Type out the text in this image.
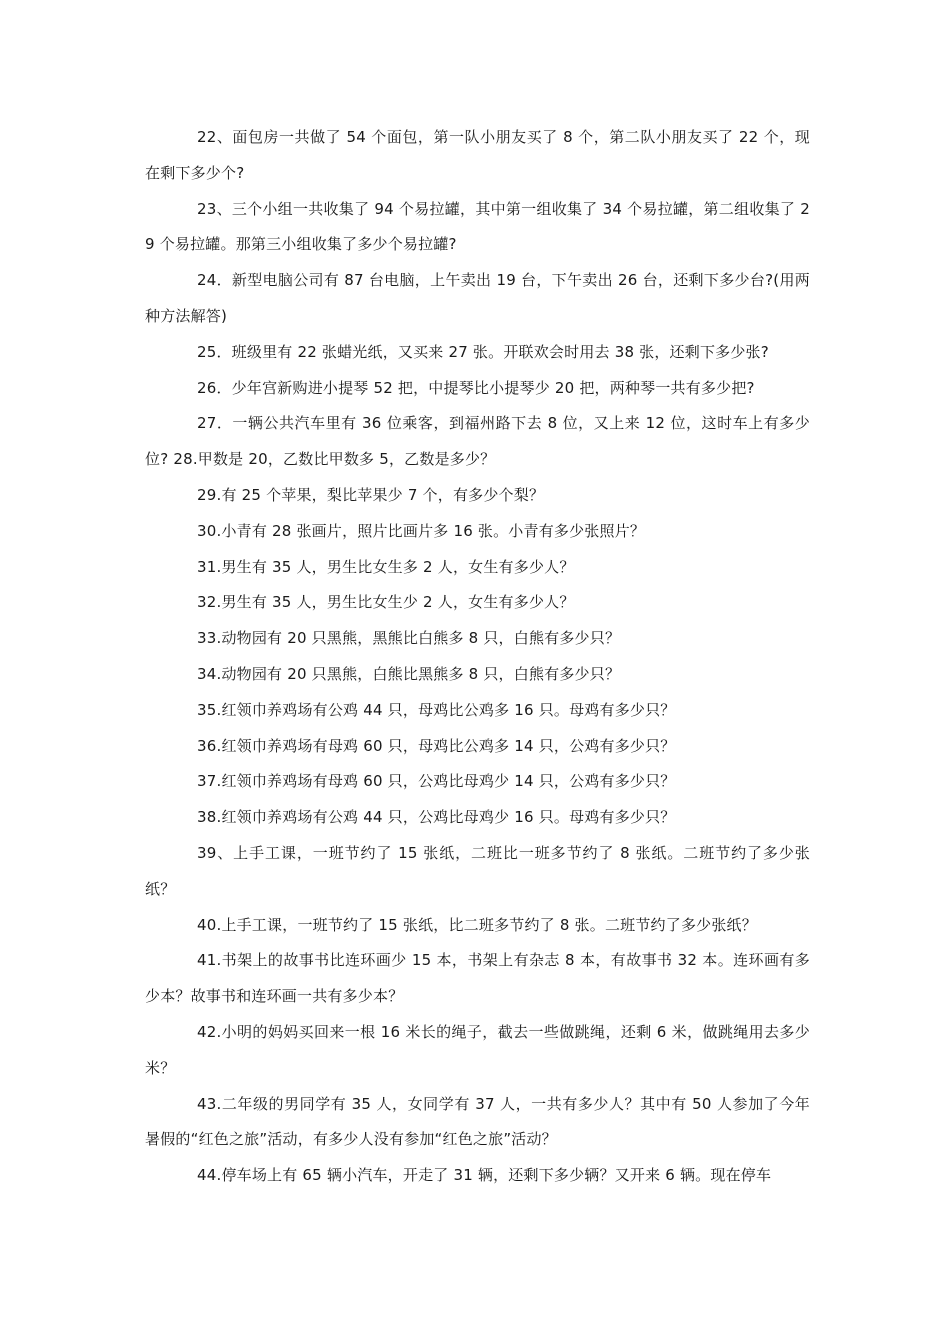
22、面包房一共做了 54 个面包，第一队小朋友买了 8 个，第二队小朋友买了 22 个，现在剩下多少个?

23、三个小组一共收集了 94 个易拉罐，其中第一组收集了 34 个易拉罐，第二组收集了 29 个易拉罐。那第三小组收集了多少个易拉罐?

24．新型电脑公司有 87 台电脑，上午卖出 19 台，下午卖出 26 台，还剩下多少台?(用两种方法解答)

25．班级里有 22 张蜡光纸，又买来 27 张。开联欢会时用去 38 张，还剩下多少张?

26．少年宫新购进小提琴 52 把，中提琴比小提琴少 20 把，两种琴一共有多少把?

27．一辆公共汽车里有 36 位乘客，到福州路下去 8 位，又上来 12 位，这时车上有多少位? 28.甲数是 20，乙数比甲数多 5，乙数是多少？

29.有 25 个苹果，梨比苹果少 7 个，有多少个梨？

30.小青有 28 张画片，照片比画片多 16 张。小青有多少张照片？

31.男生有 35 人，男生比女生多 2 人，女生有多少人？

32.男生有 35 人，男生比女生少 2 人，女生有多少人？

33.动物园有 20 只黑熊，黑熊比白熊多 8 只，白熊有多少只？

34.动物园有 20 只黑熊，白熊比黑熊多 8 只，白熊有多少只？

35.红领巾养鸡场有公鸡 44 只，母鸡比公鸡多 16 只。母鸡有多少只？

36.红领巾养鸡场有母鸡 60 只，母鸡比公鸡多 14 只，公鸡有多少只？

37.红领巾养鸡场有母鸡 60 只，公鸡比母鸡少 14 只，公鸡有多少只？

38.红领巾养鸡场有公鸡 44 只，公鸡比母鸡少 16 只。母鸡有多少只？

39、上手工课，一班节约了 15 张纸，二班比一班多节约了 8 张纸。二班节约了多少张纸？

40.上手工课，一班节约了 15 张纸，比二班多节约了 8 张。二班节约了多少张纸？

41.书架上的故事书比连环画少 15 本，书架上有杂志 8 本，有故事书 32 本。连环画有多少本？故事书和连环画一共有多少本？

42.小明的妈妈买回来一根 16 米长的绳子，截去一些做跳绳，还剩 6 米，做跳绳用去多少米？

43.二年级的男同学有 35 人，女同学有 37 人，一共有多少人？其中有 50 人参加了今年暑假的“红色之旅”活动，有多少人没有参加“红色之旅”活动？

44.停车场上有 65 辆小汽车，开走了 31 辆，还剩下多少辆？又开来 6 辆。现在停车
